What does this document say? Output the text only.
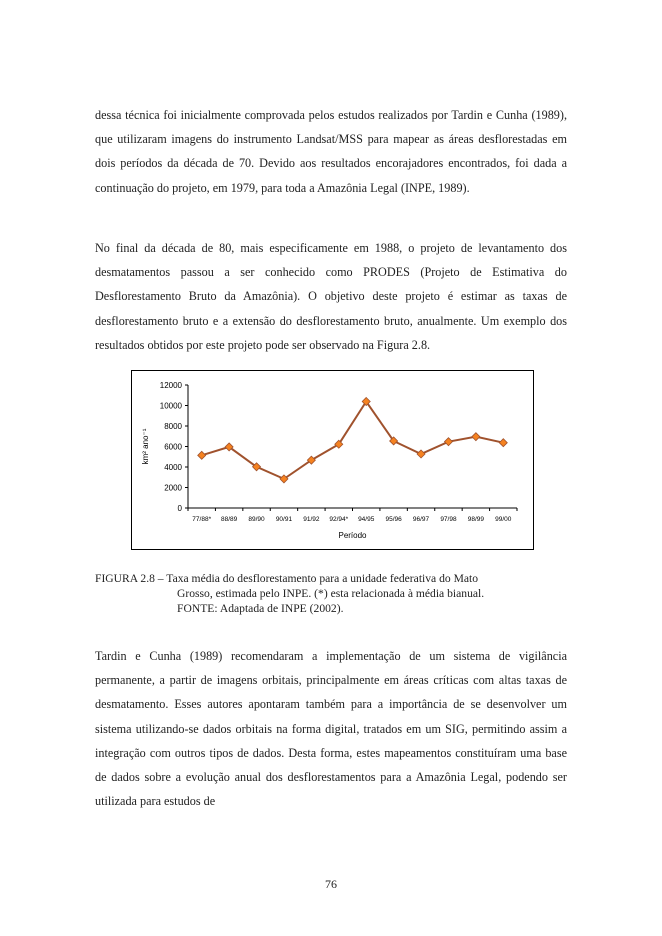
dessa técnica foi inicialmente comprovada pelos estudos realizados por Tardin e Cunha (1989), que utilizaram imagens do instrumento Landsat/MSS para mapear as áreas desflorestadas em dois períodos da década de 70. Devido aos resultados encorajadores encontrados, foi dada a continuação do projeto, em 1979, para toda a Amazônia Legal (INPE, 1989).

No final da década de 80, mais especificamente em 1988, o projeto de levantamento dos desmatamentos passou a ser conhecido como PRODES (Projeto de Estimativa do Desflorestamento Bruto da Amazônia). O objetivo deste projeto é estimar as taxas de desflorestamento bruto e a extensão do desflorestamento bruto, anualmente. Um exemplo dos resultados obtidos por este projeto pode ser observado na Figura 2.8.

0
2000
4000
6000
8000
10000
12000
77/88* 88/89 89/90 90/91 91/92 92/94* 94/95 95/96 96/97 97/98 98/99 99/00
km² ano⁻¹
Período
FIGURA 2.8 – Taxa média do desflorestamento para a unidade federativa do Mato
Grosso, estimada pelo INPE. (*) esta relacionada à média bianual.
FONTE: Adaptada de INPE (2002).

Tardin e Cunha (1989) recomendaram a implementação de um sistema de vigilância permanente, a partir de imagens orbitais, principalmente em áreas críticas com altas taxas de desmatamento. Esses autores apontaram também para a importância de se desenvolver um sistema utilizando-se dados orbitais na forma digital, tratados em um SIG, permitindo assim a integração com outros tipos de dados. Desta forma, estes mapeamentos constituíram uma base de dados sobre a evolução anual dos desflorestamentos para a Amazônia Legal, podendo ser utilizada para estudos de

76
